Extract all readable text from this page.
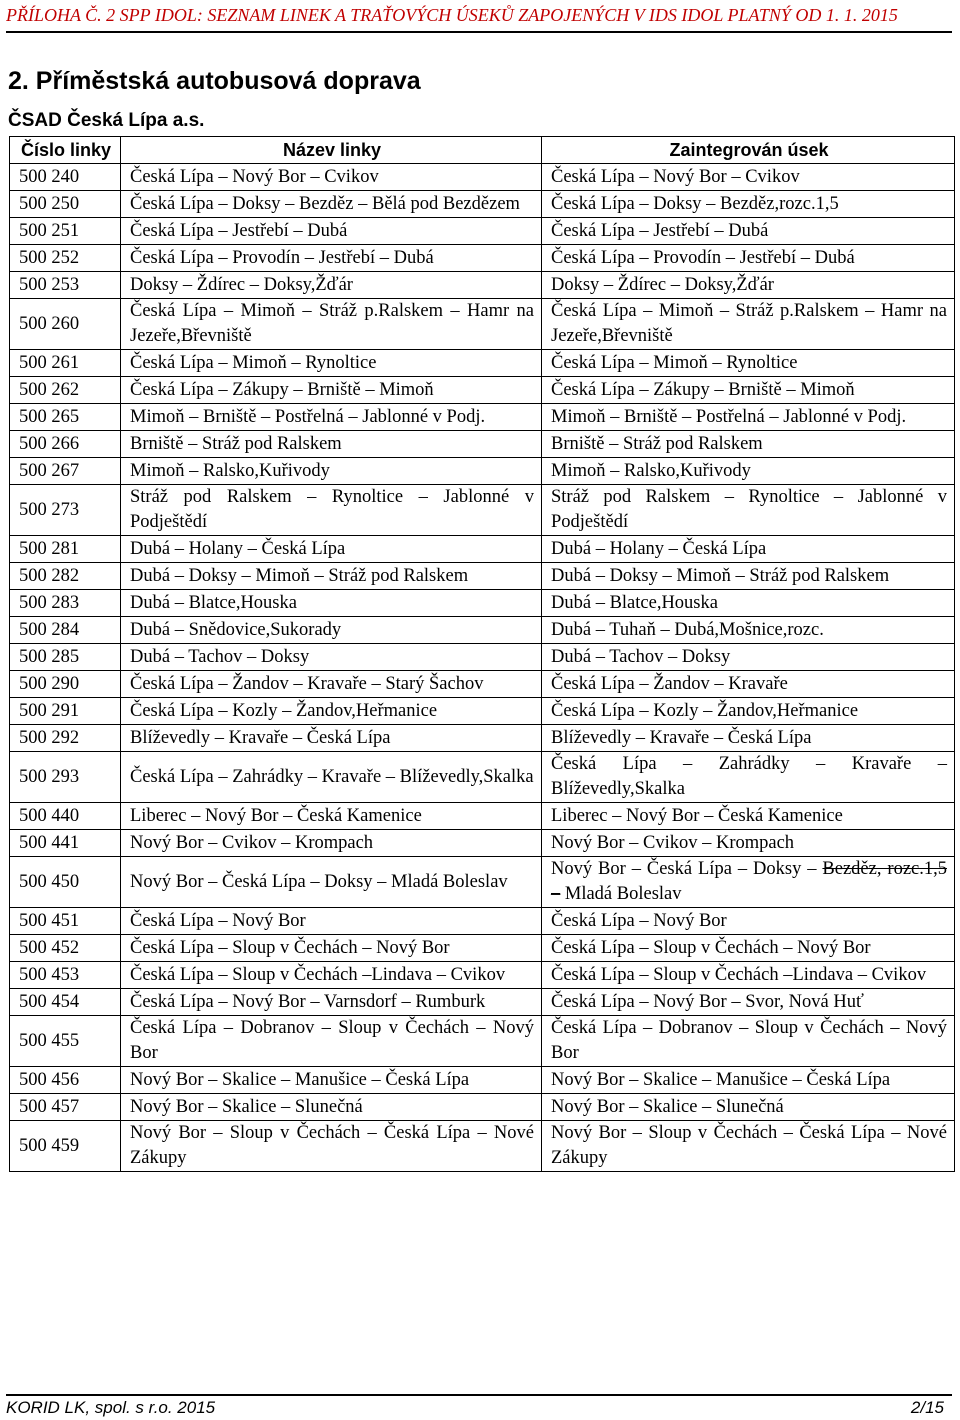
PŘÍLOHA Č. 2 SPP IDOL: SEZNAM LINEK A TRAŤOVÝCH ÚSEKŮ ZAPOJENÝCH V IDS IDOL PLATNÝ OD 1. 1. 2015
2. Příměstská autobusová doprava
ČSAD Česká Lípa a.s.
Číslo linky	Název linky	Zaintegrován úsek
500 240	Česká Lípa – Nový Bor – Cvikov	Česká Lípa – Nový Bor – Cvikov
500 250	Česká Lípa – Doksy – Bezděz – Bělá pod Bezdězem	Česká Lípa – Doksy – Bezděz,rozc.1,5
500 251	Česká Lípa – Jestřebí – Dubá	Česká Lípa – Jestřebí – Dubá
500 252	Česká Lípa – Provodín – Jestřebí – Dubá	Česká Lípa – Provodín – Jestřebí – Dubá
500 253	Doksy – Ždírec – Doksy,Žďár	Doksy – Ždírec – Doksy,Žďár
500 260	Česká Lípa – Mimoň – Stráž p.Ralskem – Hamr na Jezeře,Břevniště	Česká Lípa – Mimoň – Stráž p.Ralskem – Hamr na Jezeře,Břevniště
500 261	Česká Lípa – Mimoň – Rynoltice	Česká Lípa – Mimoň – Rynoltice
500 262	Česká Lípa – Zákupy – Brniště – Mimoň	Česká Lípa – Zákupy – Brniště – Mimoň
500 265	Mimoň – Brniště – Postřelná – Jablonné v Podj.	Mimoň – Brniště – Postřelná – Jablonné v Podj.
500 266	Brniště – Stráž pod Ralskem	Brniště – Stráž pod Ralskem
500 267	Mimoň – Ralsko,Kuřivody	Mimoň – Ralsko,Kuřivody
500 273	Stráž pod Ralskem – Rynoltice – Jablonné v Podještědí	Stráž pod Ralskem – Rynoltice – Jablonné v Podještědí
500 281	Dubá – Holany – Česká Lípa	Dubá – Holany – Česká Lípa
500 282	Dubá – Doksy – Mimoň – Stráž pod Ralskem	Dubá – Doksy – Mimoň – Stráž pod Ralskem
500 283	Dubá – Blatce,Houska	Dubá – Blatce,Houska
500 284	Dubá – Snědovice,Sukorady	Dubá – Tuhaň – Dubá,Mošnice,rozc.
500 285	Dubá – Tachov – Doksy	Dubá – Tachov – Doksy
500 290	Česká Lípa – Žandov – Kravaře – Starý Šachov	Česká Lípa – Žandov – Kravaře
500 291	Česká Lípa – Kozly – Žandov,Heřmanice	Česká Lípa – Kozly – Žandov,Heřmanice
500 292	Blíževedly – Kravaře – Česká Lípa	Blíževedly – Kravaře – Česká Lípa
500 293	Česká Lípa – Zahrádky – Kravaře – Blíževedly,Skalka	Česká Lípa – Zahrádky – Kravaře – Blíževedly,Skalka
500 440	Liberec – Nový Bor – Česká Kamenice	Liberec – Nový Bor – Česká Kamenice
500 441	Nový Bor – Cvikov – Krompach	Nový Bor – Cvikov – Krompach
500 450	Nový Bor – Česká Lípa – Doksy – Mladá Boleslav	Nový Bor – Česká Lípa – Doksy – Bezděz, rozc.1,5 – Mladá Boleslav
500 451	Česká Lípa – Nový Bor	Česká Lípa – Nový Bor
500 452	Česká Lípa – Sloup v Čechách – Nový Bor	Česká Lípa – Sloup v Čechách – Nový Bor
500 453	Česká Lípa – Sloup v Čechách –Lindava – Cvikov	Česká Lípa – Sloup v Čechách –Lindava – Cvikov
500 454	Česká Lípa – Nový Bor – Varnsdorf – Rumburk	Česká Lípa – Nový Bor – Svor, Nová Huť
500 455	Česká Lípa – Dobranov – Sloup v Čechách – Nový Bor	Česká Lípa – Dobranov – Sloup v Čechách – Nový Bor
500 456	Nový Bor – Skalice – Manušice – Česká Lípa	Nový Bor – Skalice – Manušice – Česká Lípa
500 457	Nový Bor – Skalice – Slunečná	Nový Bor – Skalice – Slunečná
500 459	Nový Bor – Sloup v Čechách – Česká Lípa – Nové Zákupy	Nový Bor – Sloup v Čechách – Česká Lípa – Nové Zákupy
KORID LK, spol. s r.o. 2015	2/15
